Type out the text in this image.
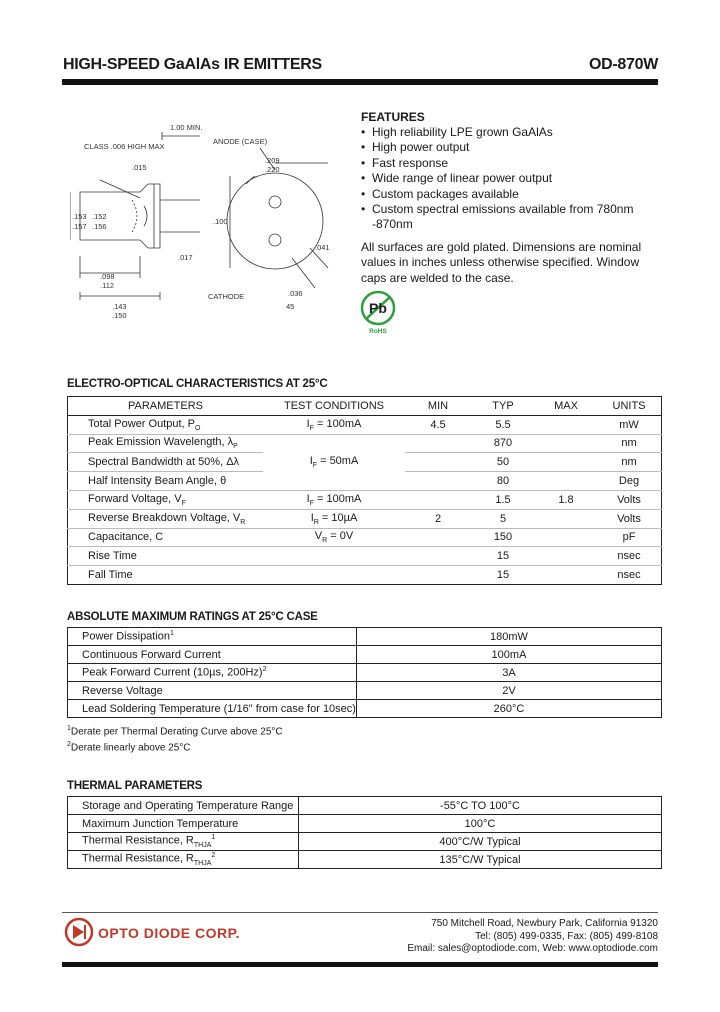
HIGH-SPEED GaAlAs IR EMITTERS	OD-870W
CLASS .006 HIGH MAX
1.00 MIN.
ANODE (CASE)
CATHODE
.015
.209
.220
.153
.157
.152
.156
.100
.017
.098
.112
.143
.150
.041
.036
45
FEATURES
• High reliability LPE grown GaAlAs
• High power output
• Fast response
• Wide range of linear power output
• Custom packages available
• Custom spectral emissions available from 780nm -870nm
All surfaces are gold plated. Dimensions are nominal values in inches unless otherwise specified. Window caps are welded to the case.
Pb
RoHS
ELECTRO-OPTICAL CHARACTERISTICS AT 25°C
PARAMETERS	TEST CONDITIONS	MIN	TYP	MAX	UNITS
Total Power Output, $P_O$	$I_F = 100mA$	4.5	5.5		mW
Peak Emission Wavelength, $\lambda_P$			870		nm
Spectral Bandwidth at 50%, Δλ	$I_F = 50mA$		50		nm
Half Intensity Beam Angle, θ			80		Deg
Forward Voltage, $V_F$	$I_F = 100mA$		1.5	1.8	Volts
Reverse Breakdown Voltage, $V_R$	$I_R = 10\mu A$	2	5		Volts
Capacitance, C	$V_R = 0V$		150		pF
Rise Time			15		nsec
Fall Time			15		nsec
ABSOLUTE MAXIMUM RATINGS AT 25°C CASE
Power Dissipation$^1$	180mW
Continuous Forward Current	100mA
Peak Forward Current (10µs, 200Hz)$^2$	3A
Reverse Voltage	2V
Lead Soldering Temperature (1/16" from case for 10sec)	260°C
$^1$Derate per Thermal Derating Curve above 25°C
$^2$Derate linearly above 25°C
THERMAL PARAMETERS
Storage and Operating Temperature Range	-55°C TO 100°C
Maximum Junction Temperature	100°C
Thermal Resistance, $R_{THJA}^1$	400°C/W Typical
Thermal Resistance, $R_{THJA}^2$	135°C/W Typical
OPTO DIODE CORP.
750 Mitchell Road, Newbury Park, California 91320
Tel: (805) 499-0335, Fax: (805) 499-8108
Email: sales@optodiode.com, Web: www.optodiode.com
